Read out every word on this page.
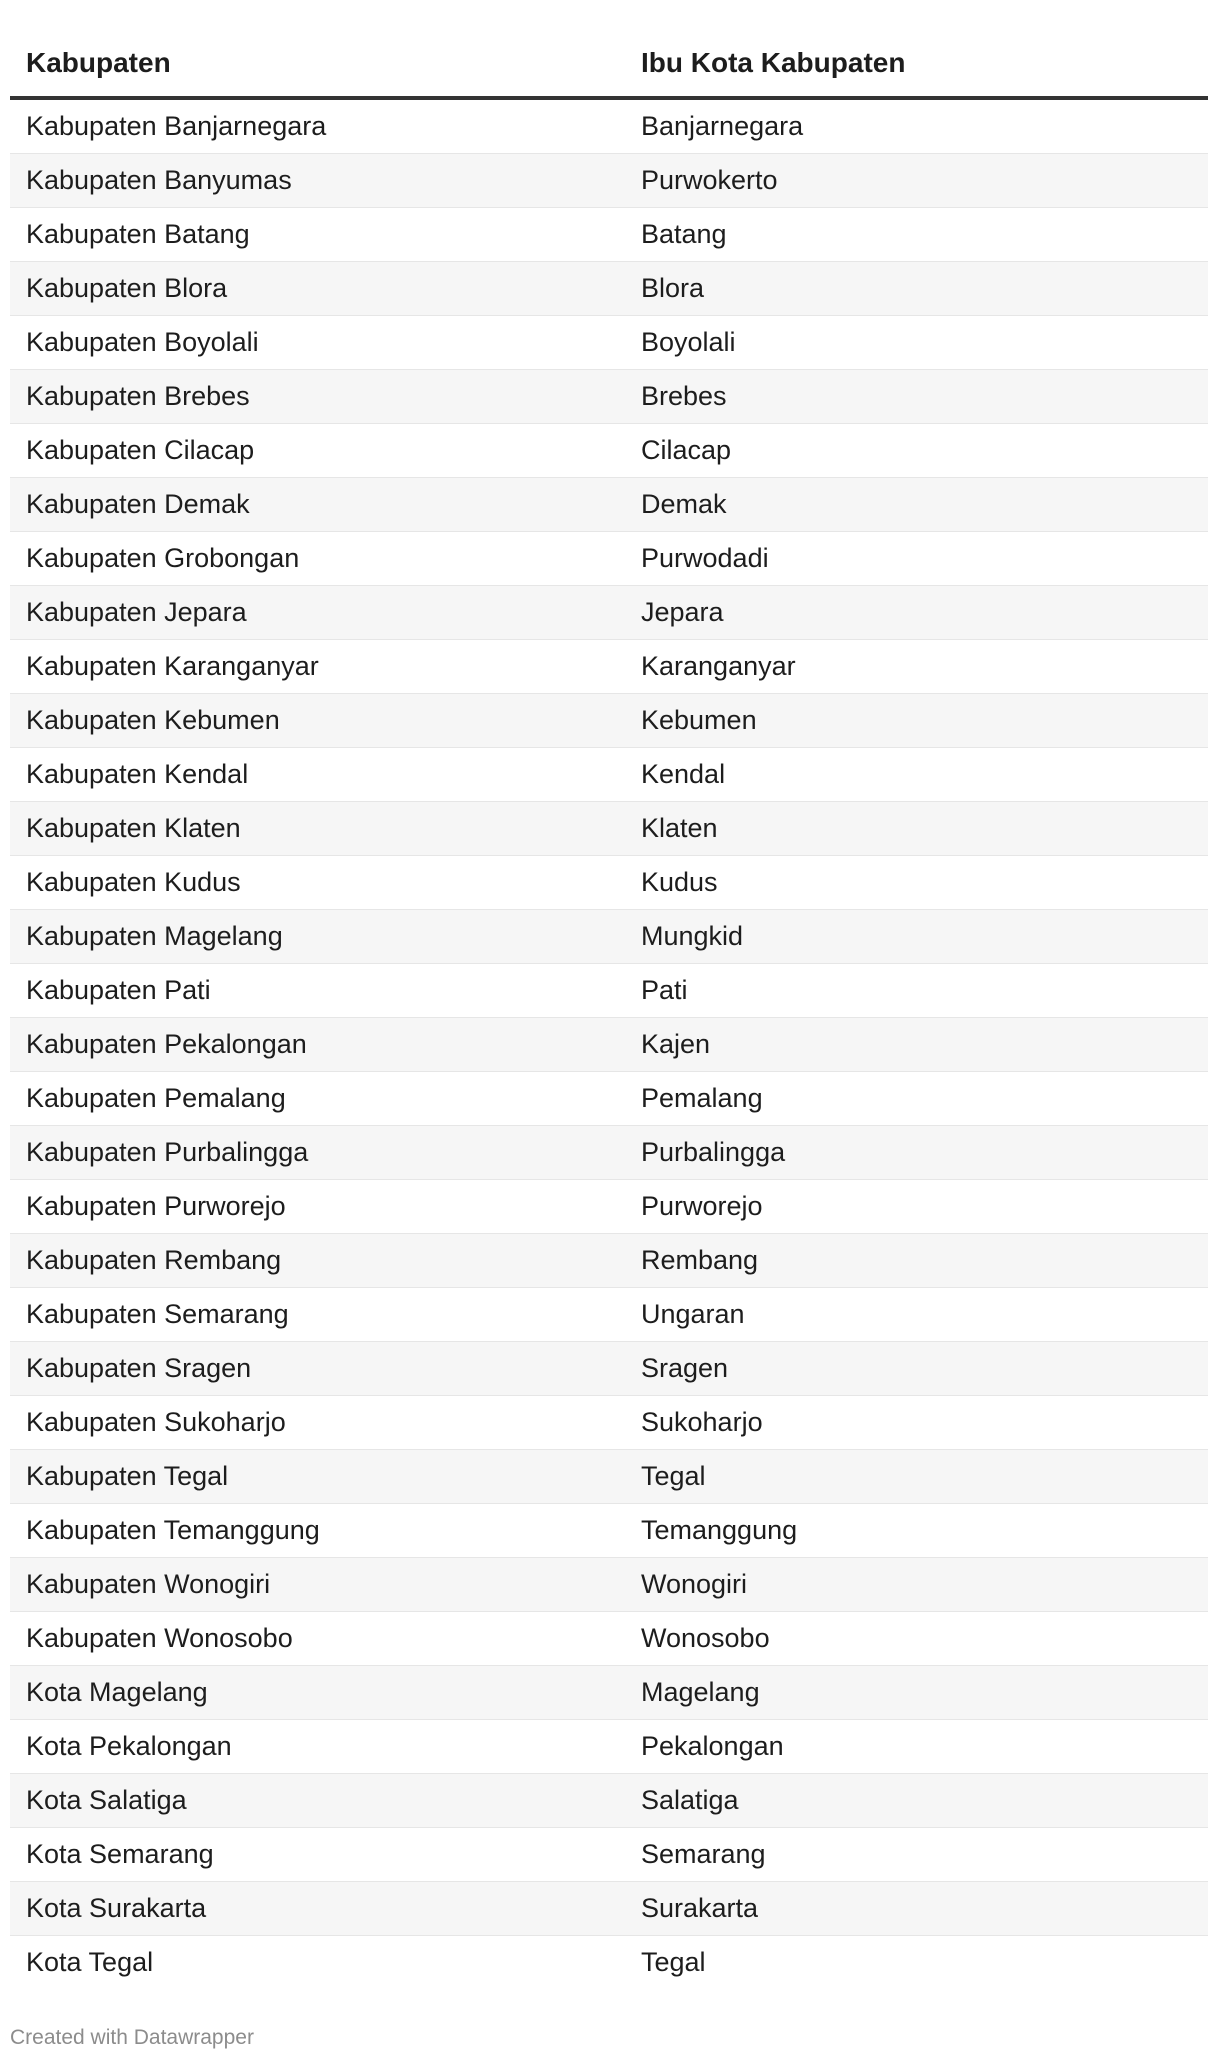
Kabupaten	Ibu Kota Kabupaten
Kabupaten Banjarnegara	Banjarnegara
Kabupaten Banyumas	Purwokerto
Kabupaten Batang	Batang
Kabupaten Blora	Blora
Kabupaten Boyolali	Boyolali
Kabupaten Brebes	Brebes
Kabupaten Cilacap	Cilacap
Kabupaten Demak	Demak
Kabupaten Grobongan	Purwodadi
Kabupaten Jepara	Jepara
Kabupaten Karanganyar	Karanganyar
Kabupaten Kebumen	Kebumen
Kabupaten Kendal	Kendal
Kabupaten Klaten	Klaten
Kabupaten Kudus	Kudus
Kabupaten Magelang	Mungkid
Kabupaten Pati	Pati
Kabupaten Pekalongan	Kajen
Kabupaten Pemalang	Pemalang
Kabupaten Purbalingga	Purbalingga
Kabupaten Purworejo	Purworejo
Kabupaten Rembang	Rembang
Kabupaten Semarang	Ungaran
Kabupaten Sragen	Sragen
Kabupaten Sukoharjo	Sukoharjo
Kabupaten Tegal	Tegal
Kabupaten Temanggung	Temanggung
Kabupaten Wonogiri	Wonogiri
Kabupaten Wonosobo	Wonosobo
Kota Magelang	Magelang
Kota Pekalongan	Pekalongan
Kota Salatiga	Salatiga
Kota Semarang	Semarang
Kota Surakarta	Surakarta
Kota Tegal	Tegal
Created with Datawrapper
